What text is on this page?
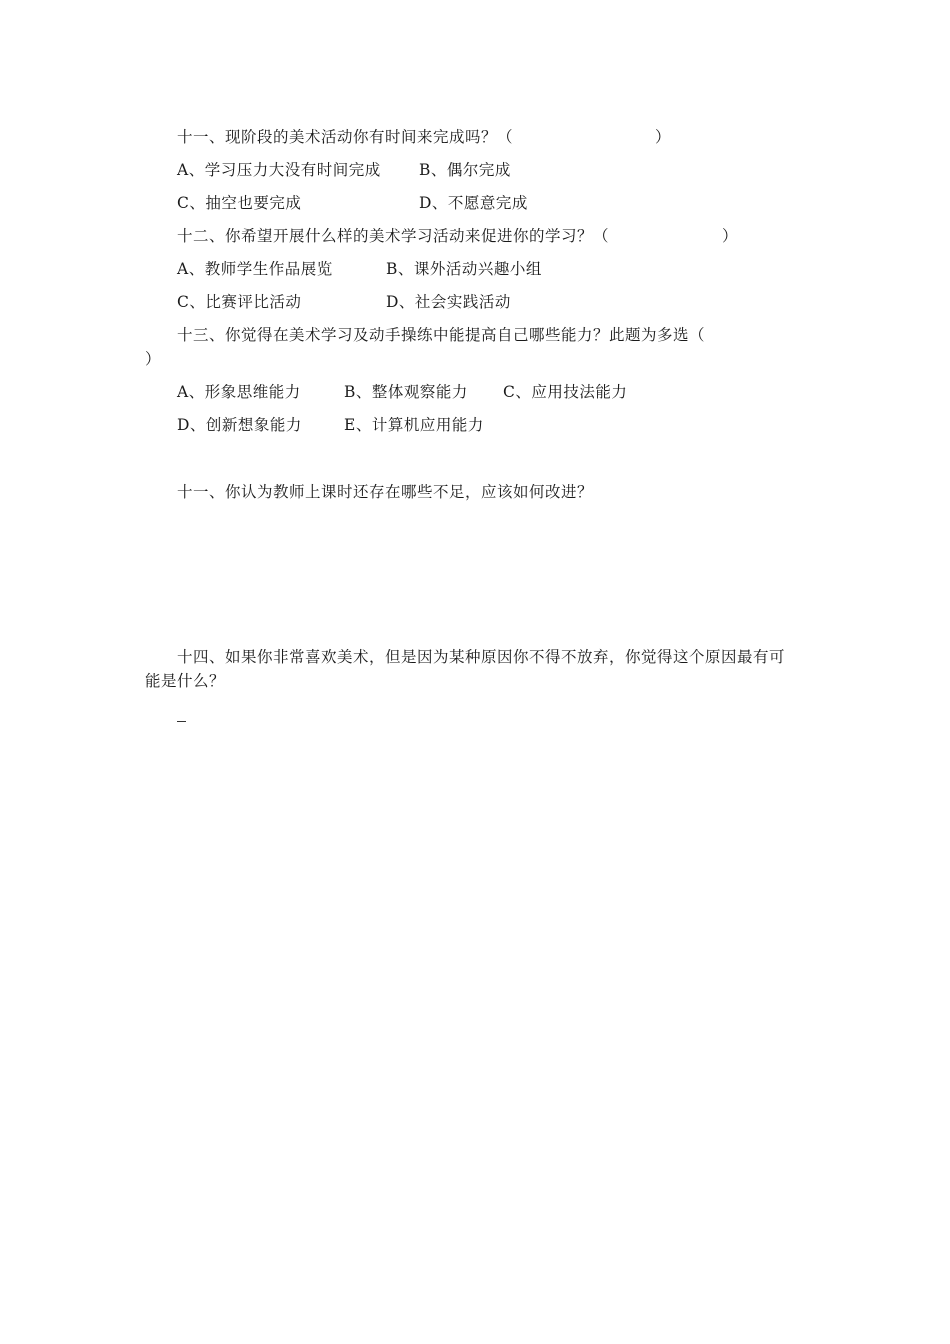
十一、现阶段的美术活动你有时间来完成吗？（	）
A、学习压力大没有时间完成 B、偶尔完成
C、抽空也要完成	D、不愿意完成
十二、你希望开展什么样的美术学习活动来促进你的学习？（	）
A、教师学生作品展览	B、课外活动兴趣小组
C、比赛评比活动	D、社会实践活动
十三、你觉得在美术学习及动手操练中能提高自己哪些能力？此题为多选（
）
A、形象思维能力	B、整体观察能力 C、应用技法能力
D、创新想象能力	E、计算机应用能力
十一、你认为教师上课时还存在哪些不足，应该如何改进？
十四、如果你非常喜欢美术，但是因为某种原因你不得不放弃，你觉得这个原因最有可
能是什么？
